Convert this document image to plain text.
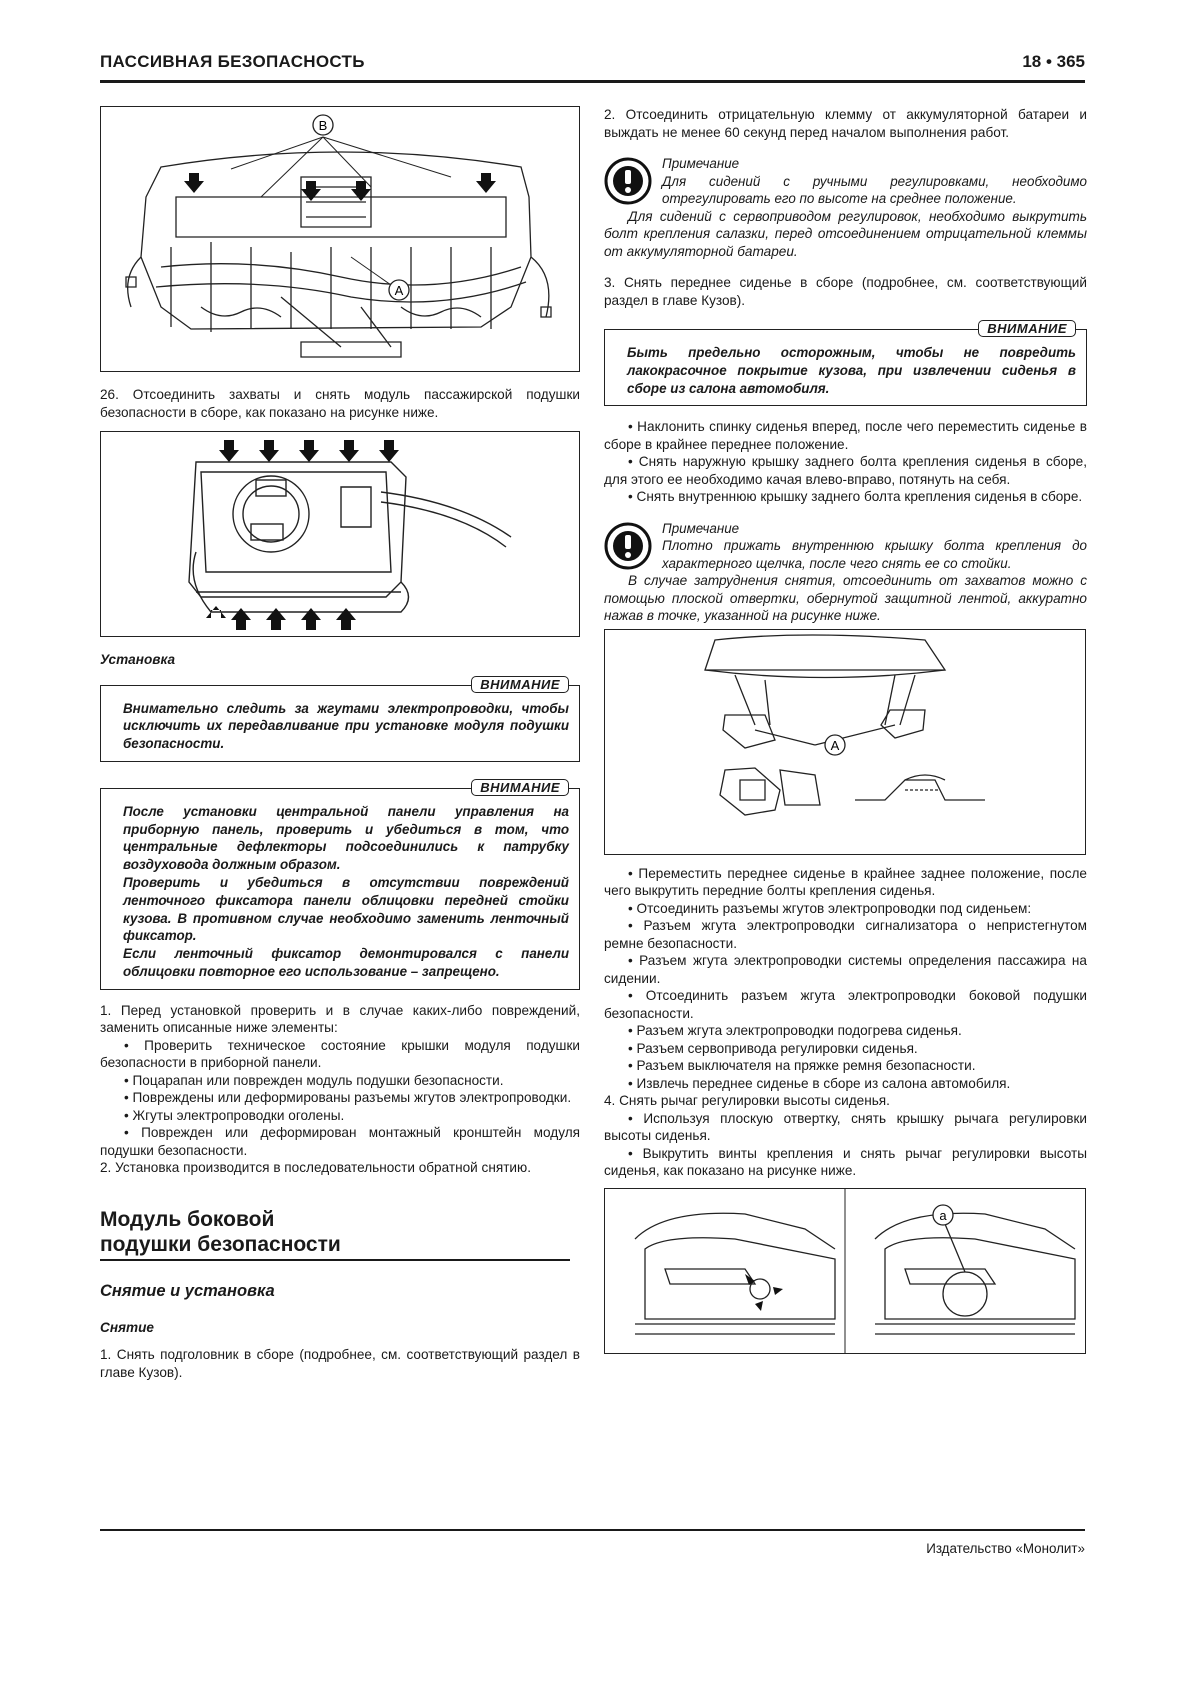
ПАССИВНАЯ БЕЗОПАСНОСТЬ	18 • 365
B
A

26. Отсоединить захваты и снять модуль пассажирской подушки безопасности в сборе, как показано на рисунке ниже.

Установка

ВНИМАНИЕ

Внимательно следить за жгутами электропроводки, чтобы исключить их передавливание при установке модуля подушки безопасности.

ВНИМАНИЕ

После установки центральной панели управления на приборную панель, проверить и убедиться в том, что центральные дефлекторы подсоединились к патрубку воздуховода должным образом.

Проверить и убедиться в отсутствии повреждений ленточного фиксатора панели облицовки передней стойки кузова. В противном случае необходимо заменить ленточный фиксатор.

Если ленточный фиксатор демонтировался с панели облицовки повторное его использование – запрещено.

1. Перед установкой проверить и в случае каких-либо повреждений, заменить описанные ниже элементы:

• Проверить техническое состояние крышки модуля подушки безопасности в приборной панели.

• Поцарапан или поврежден модуль подушки безопасности.

• Повреждены или деформированы разъемы жгутов электропроводки.

• Жгуты электропроводки оголены.

• Поврежден или деформирован монтажный кронштейн модуля подушки безопасности.

2. Установка производится в последовательности обратной снятию.

Модуль боковой

подушки безопасности

Снятие и установка

Снятие

1. Снять подголовник в сборе (подробнее, см. соответствующий раздел в главе Кузов).

2. Отсоединить отрицательную клемму от аккумуляторной батареи и выждать не менее 60 секунд перед началом выполнения работ.

Примечание

Для сидений с ручными регулировками, необходимо отрегулировать его по высоте на среднее положение.

Для сидений с сервоприводом регулировок, необходимо выкрутить болт крепления салазки, перед отсоединением отрицательной клеммы от аккумуляторной батареи.

3. Снять переднее сиденье в сборе (подробнее, см. соответствующий раздел в главе Кузов).

ВНИМАНИЕ

Быть предельно осторожным, чтобы не повредить лакокрасочное покрытие кузова, при извлечении сиденья в сборе из салона автомобиля.

• Наклонить спинку сиденья вперед, после чего переместить сиденье в сборе в крайнее переднее положение.

• Снять наружную крышку заднего болта крепления сиденья в сборе, для этого ее необходимо качая влево-вправо, потянуть на себя.

• Снять внутреннюю крышку заднего болта крепления сиденья в сборе.

Примечание

Плотно прижать внутреннюю крышку болта крепления до характерного щелчка, после чего снять ее со стойки.

В случае затруднения снятия, отсоединить от захватов можно с помощью плоской отвертки, обернутой защитной лентой, аккуратно нажав в точке, указанной на рисунке ниже.

A

• Переместить переднее сиденье в крайнее заднее положение, после чего выкрутить передние болты крепления сиденья.

• Отсоединить разъемы жгутов электропроводки под сиденьем:

• Разъем жгута электропроводки сигнализатора о непристегнутом ремне безопасности.

• Разъем жгута электропроводки системы определения пассажира на сидении.

• Отсоединить разъем жгута электропроводки боковой подушки безопасности.

• Разъем жгута электропроводки подогрева сиденья.

• Разъем сервопривода регулировки сиденья.

• Разъем выключателя на пряжке ремня безопасности.

• Извлечь переднее сиденье в сборе из салона автомобиля.

4. Снять рычаг регулировки высоты сиденья.

• Используя плоскую отвертку, снять крышку рычага регулировки высоты сиденья.

• Выкрутить винты крепления и снять рычаг регулировки высоты сиденья, как показано на рисунке ниже.

a
Издательство «Монолит»
